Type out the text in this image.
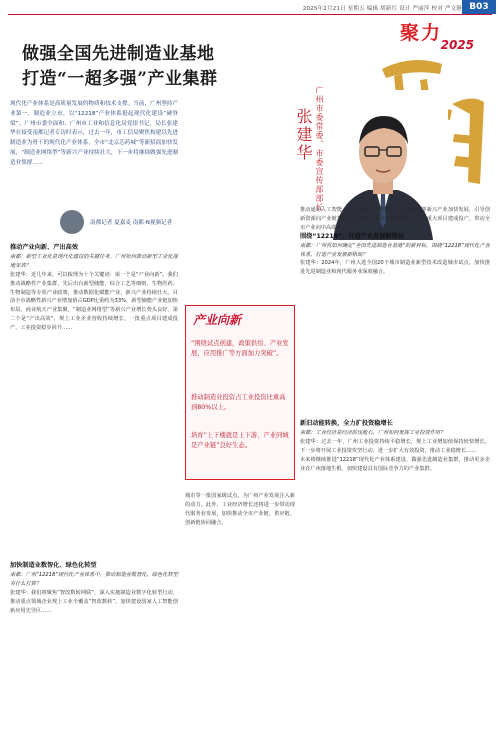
2025年2月21日 星期五 编辑 胡新红 设计 严丽萍 校对 严文静 B03
聚力
2025
做强全国先进制造业基地
打造“一超多强”产业集群
广州市委常委、市委宣传部部长
张建华
现代化产业体系是高质量发展的物质和技术支撑。当前，广州坚持产业第一、制造业立市，以“12218”产业体系挺起现代化建设“硬脊梁”。广州市委全面和，广州市工业和信息化局党组书记、局长张建华在接受南都记者专访时表示，过去一年，市工信局聚焦构建以先进制造业为骨干的现代化产业体系，全市“北京芯药城”等新招商加快发展，“制造业网络型”等新兴产业持续壮大，下一步将继续做强先进制造业集群……
南都记者 夏嘉麦 南都·N视频记者
推动产业向新、产出高效
南都：新型工业化是现代化建设的关键任务。广州如何推动新型工业化落地见效？
张建华：近几年来，可以梳理为十个关键词：第一个是“产业向新”。我们推动战略性产业集群，先后出台新型储能、综合工艺等细则，生物医药、生物制造等专项产业政策，推动数据化赋能产业，新兴产业持续壮大。目前全市战略性新兴产业增加值占GDP比重约为33%，新型储能产业链加快布局，商业航天产业集聚，“制造业网络型”等新兴产业增长势头良好。第二个是“产出高效”，规上工业企业营收持续增长，一批重点项目建成投产，工业投资稳步回升……
加快制造业数智化、绿色化转型
南都：广州“12218”现代化产业体系中，推动制造业数智化、绿色化转型有什么打算？
张建华：我们将聚焦“智改数转网联”，深入实施制造业数字化转型行动，推动重点领域企业规上工业全覆盖“智改数转”，加快建设国家人工智能创新应用先导区……
产业向新
“围绕试点创建，政策供给、产业发展、应用推广等方面加力突破”。
推动制造业投资占工业投资比重高到80%以上。
培育“上下楼就是上下游、产业同城是产业链”良好生态。
城市等一批国家级试点，为广州产业发展注入新的动力。此外，工业经济增长还将进一步带动现代服务业发展，加快推动全市产业链、供应链、创新链协同融合。
推动通用人工智能、低空经济、商业航天、新型储能等新兴产业加快发展，引导创新资源向产业链集聚。全市规上工业增加值增长，一批重大项目建成投产，带动全市产业向中高端迈进。
围绕“12218”，打造产业发展新格局
南都：广州将如何确定“全国先进制造业基地”的新目标，围绕“12218”现代化产业体系，打造产业发展新格局？
张建华：2024年，广州入选全国20个城市制造业新型技术改造城市试点，加快推进先进制造业和现代服务业深度融合。
新旧动能转换，全力扩投资稳增长
南都：工业经济是经济的压舱石，广州如何发挥工业投资作用？
张建华：过去一年，广州工业投资持续平稳增长，规上工业增加值保持较快增长。下一步将开展工业投资攻坚行动，进一步扩大有效投资，推动工业稳增长……
未来将继续推进“12218”现代化产业体系建设，做强先进制造业集群，推动更多企业在广州落地生根，加快建设具有国际竞争力的产业集群。
